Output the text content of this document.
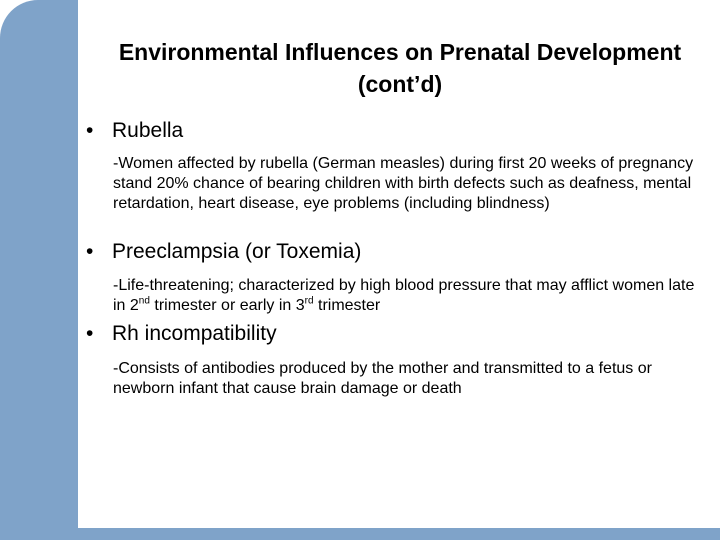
Environmental Influences on Prenatal Development (cont’d)
• Rubella

-Women affected by rubella (German measles) during first 20 weeks of pregnancy stand 20% chance of bearing children with birth defects such as deafness, mental retardation, heart disease, eye problems (including blindness)

• Preeclampsia (or Toxemia)

-Life-threatening; characterized by high blood pressure that may afflict women late in 2nd trimester or early in 3rd trimester

• Rh incompatibility

-Consists of antibodies produced by the mother and transmitted to a fetus or newborn infant that cause brain damage or death
